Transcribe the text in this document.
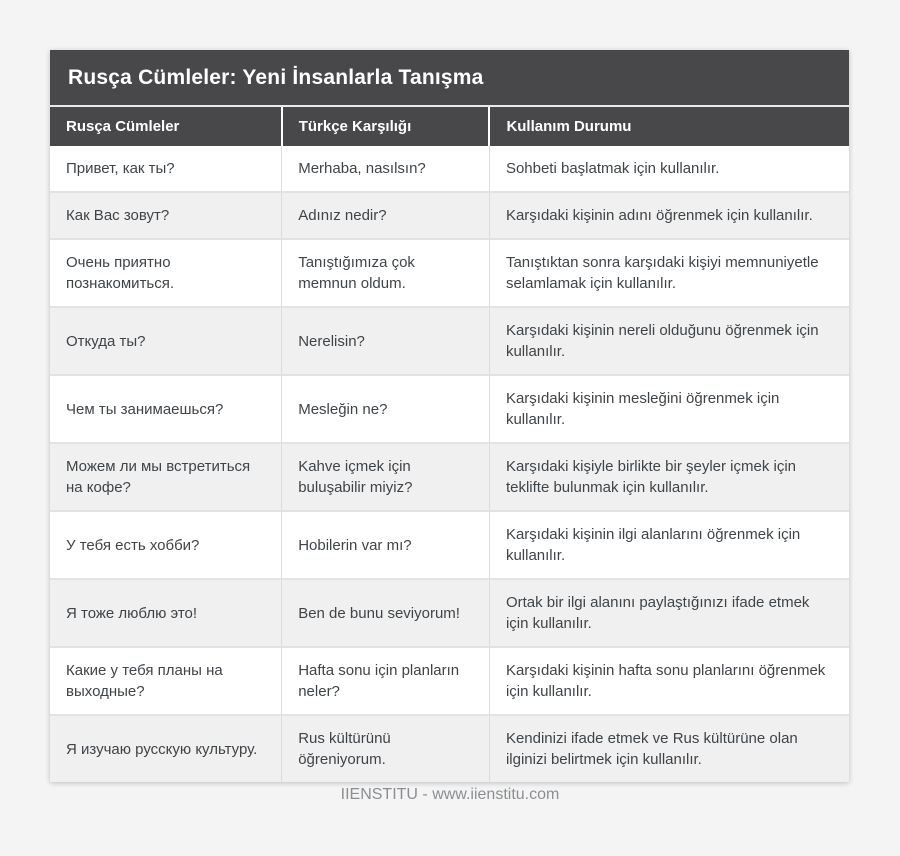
Rusça Cümleler: Yeni İnsanlarla Tanışma
Rusça Cümleler	Türkçe Karşılığı	Kullanım Durumu
Привет, как ты?	Merhaba, nasılsın?	Sohbeti başlatmak için kullanılır.
Как Вас зовут?	Adınız nedir?	Karşıdaki kişinin adını öğrenmek için kullanılır.
Очень приятно познакомиться.	Tanıştığımıza çok memnun oldum.	Tanıştıktan sonra karşıdaki kişiyi memnuniyetle selamlamak için kullanılır.
Откуда ты?	Nerelisin?	Karşıdaki kişinin nereli olduğunu öğrenmek için kullanılır.
Чем ты занимаешься?	Mesleğin ne?	Karşıdaki kişinin mesleğini öğrenmek için kullanılır.
Можем ли мы встретиться на кофе?	Kahve içmek için buluşabilir miyiz?	Karşıdaki kişiyle birlikte bir şeyler içmek için teklifte bulunmak için kullanılır.
У тебя есть хобби?	Hobilerin var mı?	Karşıdaki kişinin ilgi alanlarını öğrenmek için kullanılır.
Я тоже люблю это!	Ben de bunu seviyorum!	Ortak bir ilgi alanını paylaştığınızı ifade etmek için kullanılır.
Какие у тебя планы на выходные?	Hafta sonu için planların neler?	Karşıdaki kişinin hafta sonu planlarını öğrenmek için kullanılır.
Я изучаю русскую культуру.	Rus kültürünü öğreniyorum.	Kendinizi ifade etmek ve Rus kültürüne olan ilginizi belirtmek için kullanılır.
IIENSTITU - www.iienstitu.com
